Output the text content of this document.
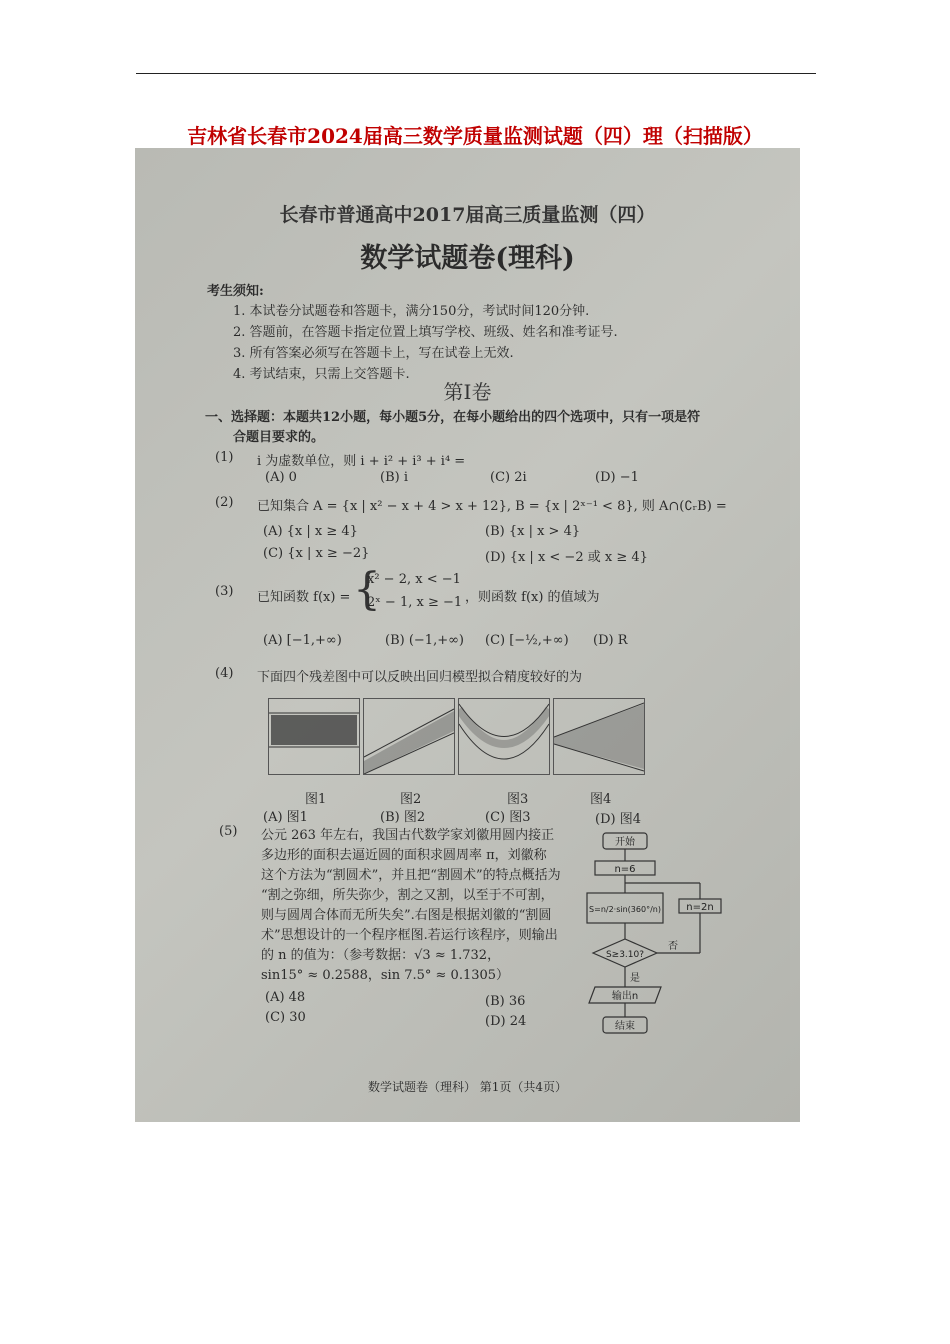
吉林省长春市2024届高三数学质量监测试题（四）理（扫描版）
长春市普通高中2017届高三质量监测（四）
数学试题卷(理科)
考生须知:
1. 本试卷分试题卷和答题卡，满分150分，考试时间120分钟.
2. 答题前，在答题卡指定位置上填写学校、班级、姓名和准考证号.
3. 所有答案必须写在答题卡上，写在试卷上无效.
4. 考试结束，只需上交答题卡.
第Ⅰ卷
一、选择题：本题共12小题，每小题5分，在每小题给出的四个选项中，只有一项是符
合题目要求的。
(1) i 为虚数单位，则 i + i² + i³ + i⁴ =
(A) 0	(B) i	(C) 2i	(D) −1
(2) 已知集合 A = {x | x² − x + 4 > x + 12}, B = {x | 2ˣ⁻¹ < 8}, 则 A∩(∁ᵣB) =
(A) {x | x ≥ 4}	(B) {x | x > 4}
(C) {x | x ≥ −2}	(D) {x | x < −2 或 x ≥ 4}
(3) 已知函数 f(x) = {
x² − 2, x < −1
2ˣ − 1, x ≥ −1 ，则函数 f(x) 的值域为
(A) [−1,+∞)	(B) (−1,+∞) (C) [−½,+∞) (D) R
(4) 下面四个残差图中可以反映出回归模型拟合精度较好的为
图1	图2	图3	图4
(A) 图1	(B) 图2	(C) 图3	(D) 图4
(5) 公元 263 年左右，我国古代数学家刘徽用圆内接正
多边形的面积去逼近圆的面积求圆周率 π，刘徽称
这个方法为“割圆术”，并且把“割圆术”的特点概括为
“割之弥细，所失弥少，割之又割，以至于不可割，
则与圆周合体而无所失矣”.右图是根据刘徽的“割圆
术”思想设计的一个程序框图.若运行该程序，则输出
的 n 的值为：（参考数据：√3 ≈ 1.732，
sin15° ≈ 0.2588，sin 7.5° ≈ 0.1305）
(A) 48	(B) 36
(C) 30	(D) 24
开始
n=6
S=n/2·sin(360°/n)
S≥3.10?
否
是
n=2n
输出n
结束
数学试题卷（理科） 第1页（共4页）
